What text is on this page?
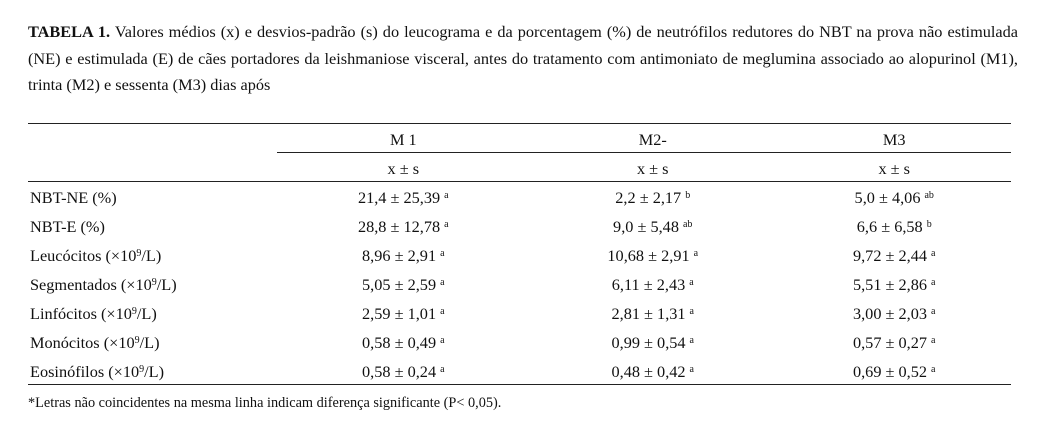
TABELA 1. Valores médios (x) e desvios-padrão (s) do leucograma e da porcentagem (%) de neutrófilos redutores do NBT na prova não estimulada (NE) e estimulada (E) de cães portadores da leishmaniose visceral, antes do tratamento com antimoniato de meglumina associado ao alopurinol (M1), trinta (M2) e sessenta (M3) dias após
	M 1	M2-	M3
	x ± s	x ± s	x ± s
NBT-NE (%)	21,4 ± 25,39 $^a$	2,2 ± 2,17 $^b$	5,0 ± 4,06 $^{ab}$
NBT-E (%)	28,8 ± 12,78 $^a$	9,0 ± 5,48 $^{ab}$	6,6 ± 6,58 $^b$
Leucócitos $(\times 10^9/L)$	8,96 ± 2,91 $^a$	10,68 ± 2,91 $^a$	9,72 ± 2,44 $^a$
Segmentados $(\times 10^9/L)$	5,05 ± 2,59 $^a$	6,11 ± 2,43 $^a$	5,51 ± 2,86 $^a$
Linfócitos $(\times 10^9/L)$	2,59 ± 1,01 $^a$	2,81 ± 1,31 $^a$	3,00 ± 2,03 $^a$
Monócitos $(\times 10^9/L)$	0,58 ± 0,49 $^a$	0,99 ± 0,54 $^a$	0,57 ± 0,27 $^a$
Eosinófilos $(\times 10^9/L)$	0,58 ± 0,24 $^a$	0,48 ± 0,42 $^a$	0,69 ± 0,52 $^a$
*Letras não coincidentes na mesma linha indicam diferença significante (P< 0,05).
